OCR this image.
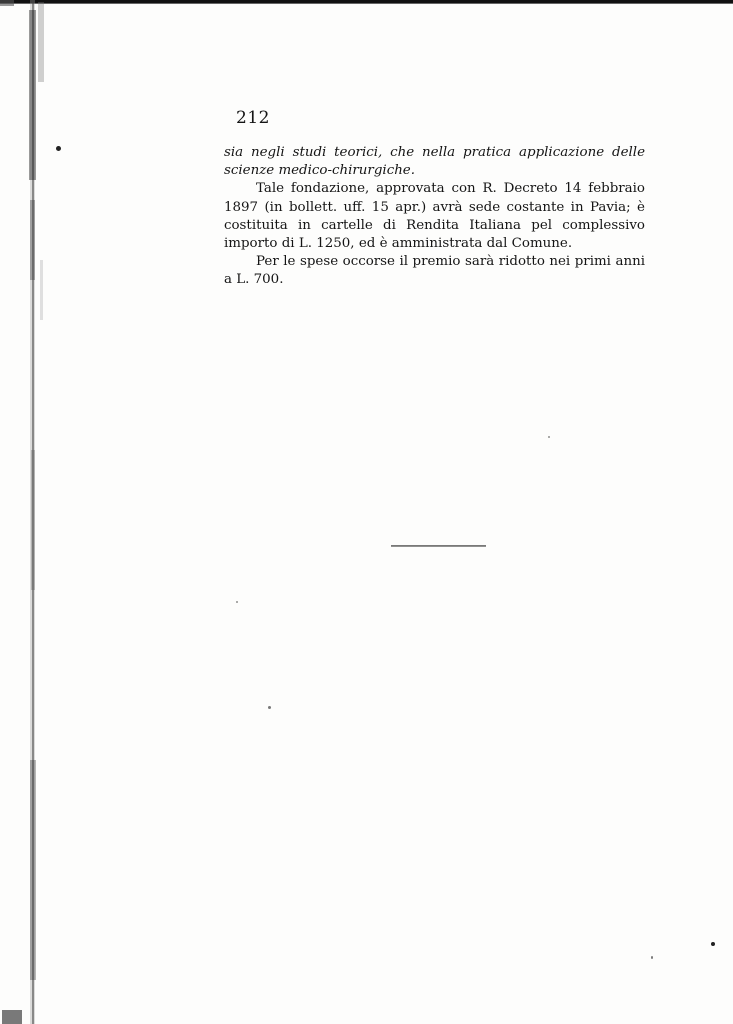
212

sia negli studi teorici, che nella pratica applicazione delle scienze medico-chirurgiche.

Tale fondazione, approvata con R. Decreto 14 febbraio 1897 (in bollett. uff. 15 apr.) avrà sede costante in Pavia; è costituita in cartelle di Rendita Italiana pel complessivo importo di L. 1250, ed è amministrata dal Comune.

Per le spese occorse il premio sarà ridotto nei primi anni a L. 700.
